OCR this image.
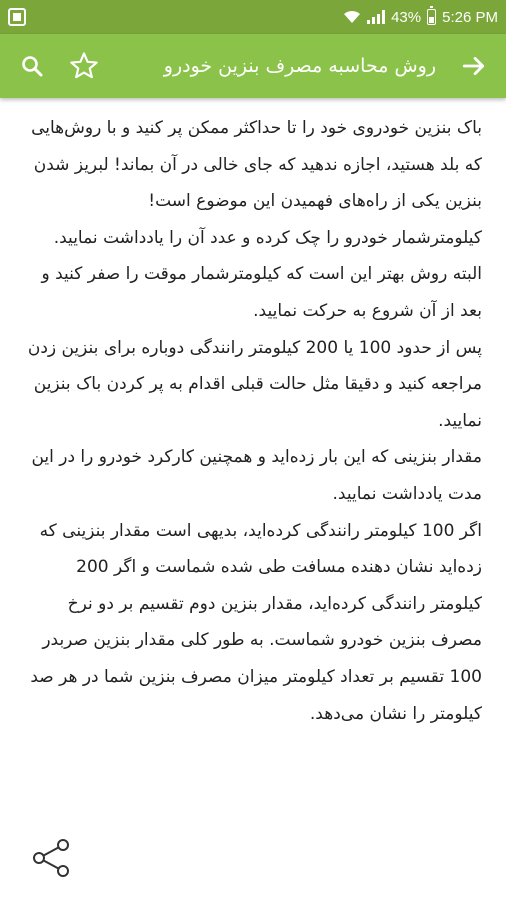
43% 5:26 PM
روش محاسبه مصرف بنزین خودرو

باک بنزین خودروی خود را تا حداکثر ممکن پر کنید و با روش‌هایی که بلد هستید، اجازه ندهید که جای خالی در آن بماند! لبریز شدن بنزین یکی از راه‌های فهمیدن این موضوع است!

کیلومترشمار خودرو را چک کرده و عدد آن را یادداشت نمایید. البته روش بهتر این است که کیلومترشمار موقت را صفر کنید و بعد از آن شروع به حرکت نمایید.

پس از حدود 100 یا 200 کیلومتر رانندگی دوباره برای بنزین زدن مراجعه کنید و دقیقا مثل حالت قبلی اقدام به پر کردن باک بنزین نمایید.

مقدار بنزینی که این بار زده‌اید و همچنین کارکرد خودرو را در این مدت یادداشت نمایید.

اگر 100 کیلومتر رانندگی کرده‌اید، بدیهی است مقدار بنزینی که زده‌اید نشان دهنده مسافت طی شده شماست و اگر 200 کیلومتر رانندگی کرده‌اید، مقدار بنزین دوم تقسیم بر دو نرخ مصرف بنزین خودرو شماست. به طور کلی مقدار بنزین صربدر 100 تقسیم بر تعداد کیلومتر میزان مصرف بنزین شما در هر صد کیلومتر را نشان می‌دهد.
